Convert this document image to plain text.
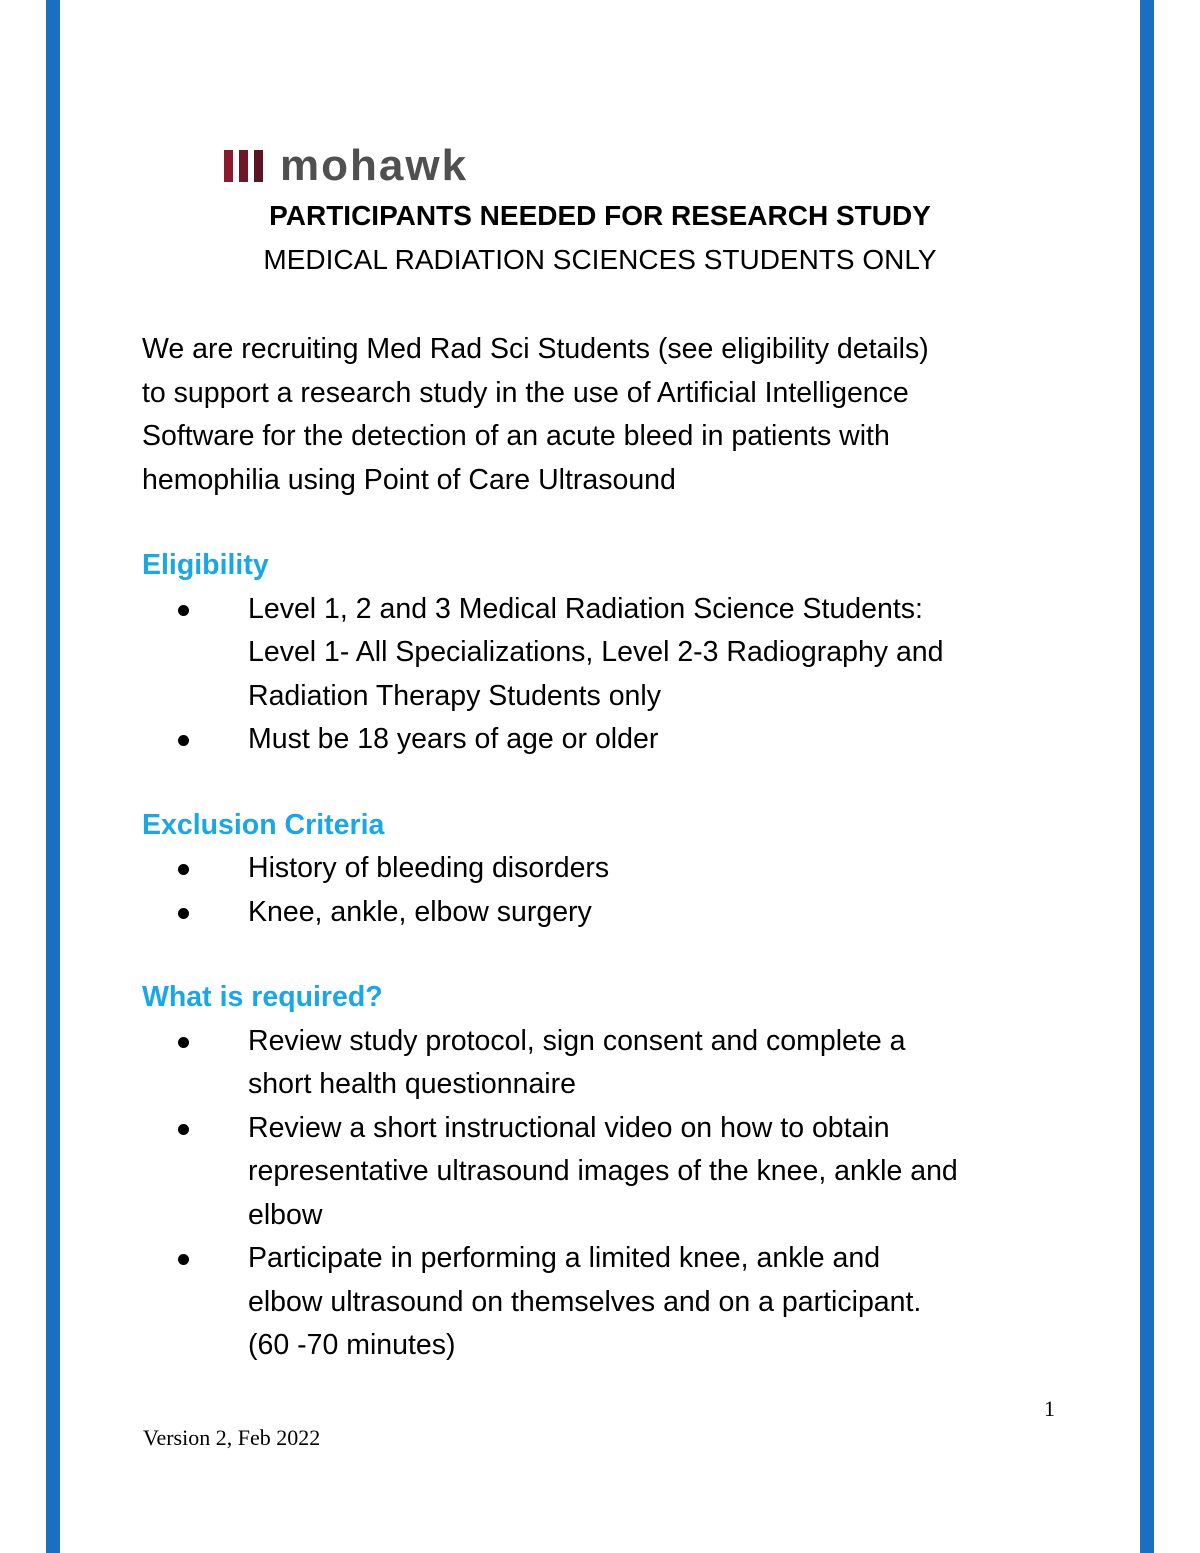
mohawk
PARTICIPANTS NEEDED FOR RESEARCH STUDY
MEDICAL RADIATION SCIENCES STUDENTS ONLY

We are recruiting Med Rad Sci Students (see eligibility details)
to support a research study in the use of Artificial Intelligence
Software for the detection of an acute bleed in patients with
hemophilia using Point of Care Ultrasound

Eligibility

Level 1, 2 and 3 Medical Radiation Science Students:
Level 1- All Specializations, Level 2-3 Radiography and
Radiation Therapy Students only
Must be 18 years of age or older

Exclusion Criteria

History of bleeding disorders
Knee, ankle, elbow surgery

What is required?

Review study protocol, sign consent and complete a
short health questionnaire
Review a short instructional video on how to obtain
representative ultrasound images of the knee, ankle and
elbow
Participate in performing a limited knee, ankle and
elbow ultrasound on themselves and on a participant.
(60 -70 minutes)
1
Version 2, Feb 2022
